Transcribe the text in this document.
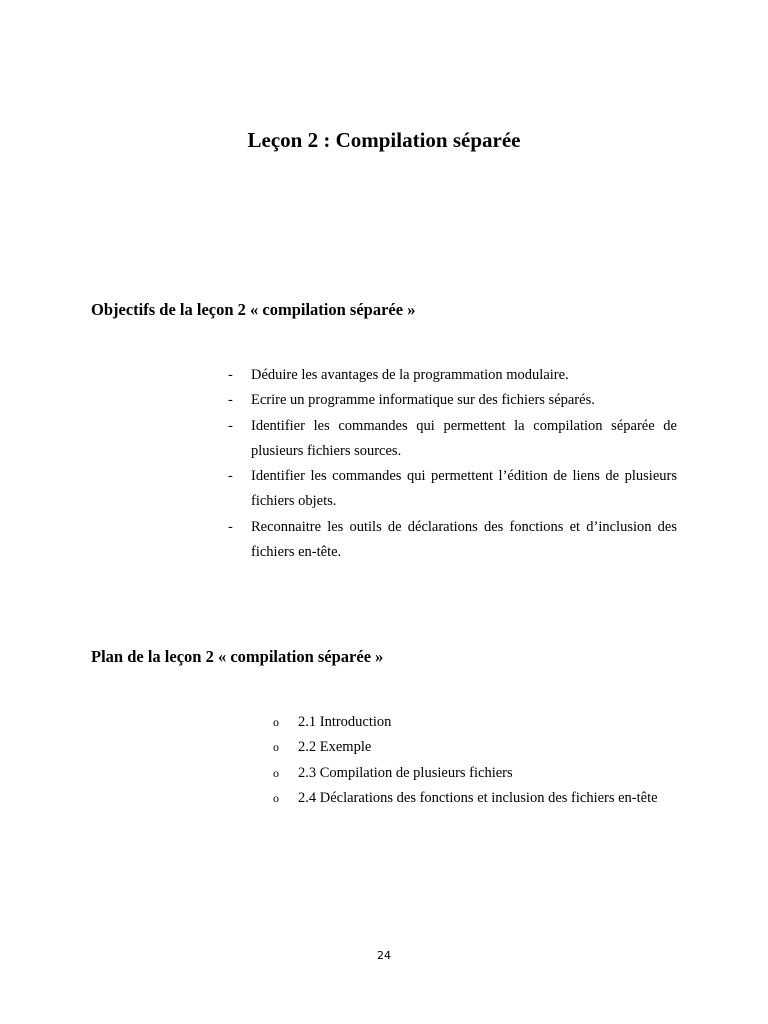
Leçon 2 : Compilation séparée
Objectifs de la leçon 2 « compilation séparée »
- Déduire les avantages de la programmation modulaire.
- Ecrire un programme informatique sur des fichiers séparés.
- Identifier les commandes qui permettent la compilation séparée de plusieurs fichiers sources.
- Identifier les commandes qui permettent l’édition de liens de plusieurs fichiers objets.
- Reconnaitre les outils de déclarations des fonctions et d’inclusion des fichiers en-tête.
Plan de la leçon 2 « compilation séparée »
o 2.1 Introduction
o 2.2 Exemple
o 2.3 Compilation de plusieurs fichiers
o 2.4 Déclarations des fonctions et inclusion des fichiers en-tête
24
